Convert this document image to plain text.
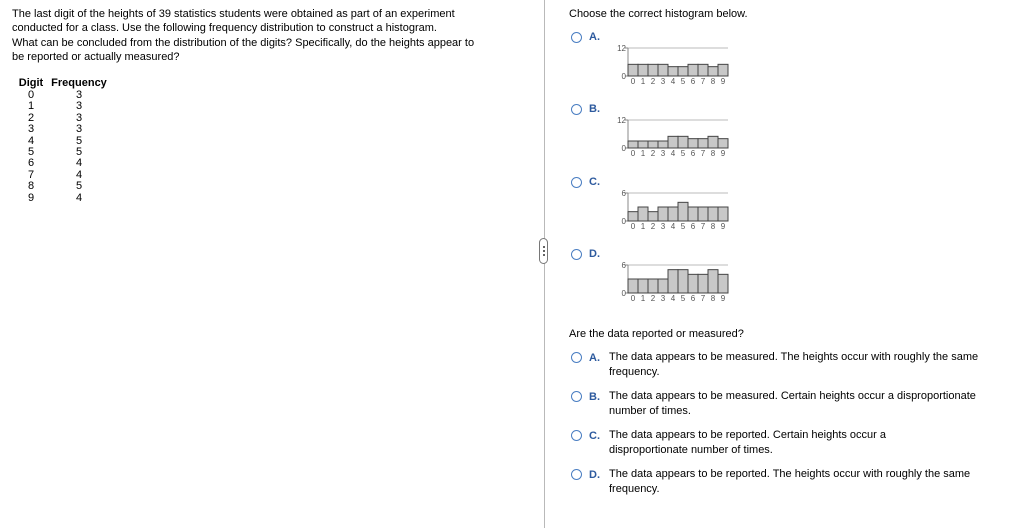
The last digit of the heights of 39 statistics students were obtained as part of an experiment

conducted for a class. Use the following frequency distribution to construct a histogram.

What can be concluded from the distribution of the digits? Specifically, do the heights appear to

be reported or actually measured?

Digit	Frequency
0	3
1	3
2	3
3	3
4	5
5	5
6	4
7	4
8	5
9	4
Choose the correct histogram below.
A.
12
0
0 1 2 3 4 5 6 7 8 9
B.
12
0
0 1 2 3 4 5 6 7 8 9
C.
6
0
0 1 2 3 4 5 6 7 8 9
D.
6
0
0 1 2 3 4 5 6 7 8 9
Are the data reported or measured?
A. The data appears to be measured. The heights occur with roughly the same
frequency.
B. The data appears to be measured. Certain heights occur a disproportionate
number of times.
C. The data appears to be reported. Certain heights occur a
disproportionate number of times.
D. The data appears to be reported. The heights occur with roughly the same
frequency.
